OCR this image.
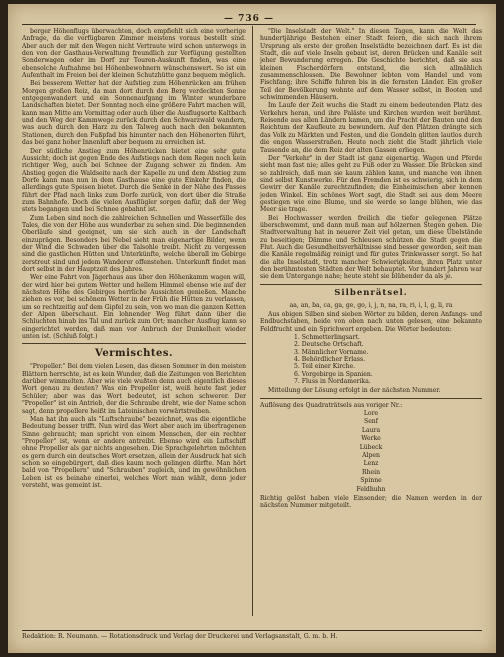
— 736 —

berger Höhenflugs überwachten, doch empfiehlt sich eine vorherige Anfrage, da die verfügbaren Zimmer meistens voraus bestellt sind. Aber auch der mit den Wegen nicht Vertraute wird schon unterwegs in den von der Gasthaus-Verwaltung freundlich zur Verfügung gestellten Sonderwagen oder im Dorf zur Touren-Auskunft finden, was eine ebensolche Aufnahme bei Höhenbewohnern wünschenswert. So ist ein Aufenthalt im Freien bei der kleinen Schutzhütte ganz bequem möglich.

Bei besserem Wetter hat der Aufstieg zum Höhenrücken am frühen Morgen großen Reiz, da man dort durch den Berg verdeckten Sonne entgegenwandert und ein Sonnenaufgang im Winter wunderbare Landschaften bietet. Der Sonntag noch eine größere Fahrt machen will, kann man Mitte am Vormittag oder auch über die Ausflugsorte Kaltbach und den Weg der Kammwege zurück durch den Schwarzwald wandern, was auch durch den Harz zu den Talweg auch nach den bekannten Stationen, durch den Fußpfad bis hinunter nach den Höhenorten führt, das bei ganz hoher Innenluft aber bequem zu erreichen ist.

Der südliche Anstieg zum Höhenrücken bietet eine sehr gute Aussicht; doch ist gegen Ende des Aufstiegs nach dem Regen noch kein richtiger Weg, auch bei Schnee der Zugang schwer zu finden. Am Abstieg gegen die Waldseite nach der Kapelle zu und dem Abstieg zum Dorfe kann man nun in dem Gasthause eine gute Einkehr finden, die allerdings gute Speisen bietet. Durch die Senke in der Nähe des Passes führt der Pfad nach links zum Dorfe zurück, von dort über die Straße zum Bahnhofe. Doch die vielen Ausflügler sorgen dafür, daß der Weg stets begangen und bei Schnee gebahnt ist.

Zum Leben sind noch die zahlreichen Schnellen und Wasserfälle des Tales, die von der Höhe aus wunderbar zu sehen sind. Die beginnenden Oberläufe sind geeignet, um sie sich auch in der Landschaft einzuprägen. Besonders bei Nebel sieht man eigenartige Bilder, wenn der Wind die Schwaden über die Talsohle treibt. Nicht zu vergessen sind die gastlichen Hütten und Unterkünfte, welche überall im Gebirge zerstreut sind und jedem Wanderer offenstehen. Unterkunft findet man dort selbst in der Hauptzeit des Jahres.

Wer eine Fahrt von Jägerhaus aus über den Höhenkamm wagen will, der wird hier bei gutem Wetter und hellem Himmel ebenso wie auf der nächsten Höhe des Gebirges herrliche Aussichten genießen. Manche ziehen es vor, bei schönem Wetter in der Früh die Hütten zu verlassen, um so rechtzeitig auf dem Gipfel zu sein, von wo man die ganzen Ketten der Alpen überschaut. Ein lohnender Weg führt dann über die Schluchten hinab ins Tal und zurück zum Ort; mancher Ausflug kann so eingerichtet werden, daß man vor Anbruch der Dunkelheit wieder unten ist. (Schluß folgt.)

Vermischtes.

"Propeller." Bei dem vielen Lesen, das diesen Sommer in den meisten Blättern herrschte, ist es kein Wunder, daß die Zeitungen von Berichten darüber wimmelten. Aber wie viele wußten denn auch eigentlich dieses Wort genau zu deuten? Was ein Propeller ist, weiß heute fast jeder Schüler; aber was das Wort bedeutet, ist schon schwerer. Der "Propeller" ist ein Antrieb, der die Schraube dreht, wie der Name schon sagt, denn propellere heißt im Lateinischen vorwärtstreiben.

Man hat ihn auch als "Luftschraube" bezeichnet, was die eigentliche Bedeutung besser trifft. Nun wird das Wort aber auch im übertragenen Sinne gebraucht; man spricht von einem Menschen, der ein rechter "Propeller" ist, wenn er andere antreibt. Ebenso wird ein Luftschiff ohne Propeller als gar nichts angesehen. Die Sprachgelehrten möchten es gern durch ein deutsches Wort ersetzen, allein der Ausdruck hat sich schon so eingebürgert, daß dies kaum noch gelingen dürfte. Man hört bald von "Propellern" und "Schrauben" zugleich, und im gewöhnlichen Leben ist es beinahe einerlei, welches Wort man wählt, denn jeder versteht, was gemeint ist.

"Die Inselstadt der Welt." In diesen Tagen, kann die Welt das hundertjährige Bestehen einer Stadt feiern, die sich nach ihrem Ursprung als erste der großen Inselstädte bezeichnen darf. Es ist die Stadt, die auf viele Inseln gebaut ist, deren Brücken und Kanäle seit jeher Bewunderung erregen. Die Geschichte berichtet, daß sie aus kleinen Fischerdörfern entstand, die sich allmählich zusammenschlossen. Die Bewohner lebten vom Handel und vom Fischfang; ihre Schiffe fuhren bis in die fernsten Länder. Ein großer Teil der Bevölkerung wohnte auf dem Wasser selbst, in Booten und schwimmenden Häusern.

Im Laufe der Zeit wuchs die Stadt zu einem bedeutenden Platz des Verkehrs heran, und ihre Paläste und Kirchen wurden weit berühmt. Reisende aus allen Ländern kamen, um die Pracht der Bauten und den Reichtum der Kaufleute zu bewundern. Auf den Plätzen drängte sich das Volk zu Märkten und Festen, und die Gondeln glitten lautlos durch die engen Wasserstraßen. Heute noch zieht die Stadt jährlich viele Tausende an, die dem Reiz der alten Gassen erliegen.

Der "Verkehr" in der Stadt ist ganz eigenartig. Wagen und Pferde sieht man fast nie; alles geht zu Fuß oder zu Wasser. Die Brücken sind so zahlreich, daß man sie kaum zählen kann, und manche von ihnen sind selbst Kunstwerke. Für den Fremden ist es schwierig, sich in dem Gewirr der Kanäle zurechtzufinden; die Einheimischen aber kennen jeden Winkel. Ein schönes Wort sagt, die Stadt sei aus dem Meere gestiegen wie eine Blume, und sie werde so lange blühen, wie das Meer sie trage.

Bei Hochwasser werden freilich die tiefer gelegenen Plätze überschwemmt, und dann muß man auf hölzernen Stegen gehen. Die Stadtverwaltung hat in neuerer Zeit viel getan, um diese Übelstände zu beseitigen; Dämme und Schleusen schützen die Stadt gegen die Flut. Auch die Gesundheitsverhältnisse sind besser geworden, seit man die Kanäle regelmäßig reinigt und für gutes Trinkwasser sorgt. So hat die alte Inselstadt, trotz mancher Schwierigkeiten, ihren Platz unter den berühmtesten Städten der Welt behauptet. Vor hundert Jahren war sie dem Untergange nahe; heute steht sie blühender da als je.

Silbenrätsel.
aa, an, ba, ca, ga, ge, go, i, j, n, na, ra, ri, i, l, g, li, ra

Aus obigen Silben sind sieben Wörter zu bilden, deren Anfangs- und Endbuchstaben, beide von oben nach unten gelesen, eine bekannte Feldfrucht und ein Sprichwort ergeben. Die Wörter bedeuten:

1. Schmetterlingsart.
2. Deutsche Ortschaft.
3. Männlicher Vorname.
4. Behördlicher Erlass.
5. Teil einer Kirche.
6. Vorgebirge in Spanien.
7. Fluss in Nordamerika.

Mitteilung der Lösung erfolgt in der nächsten Nummer.

Auflösung des Quadraträtsels aus voriger Nr.:
Lore
Senf
Laura
Werke
Lübeck
Alpen
Lenz
Rhein
Spinne
Feldhuhn
Richtig gelöst haben viele Einsender; die Namen werden in der nächsten Nummer mitgeteilt.
Redaktion: R. Neumann. — Rotationsdruck und Verlag der Druckerei und Verlagsanstalt, G. m. b. H.
